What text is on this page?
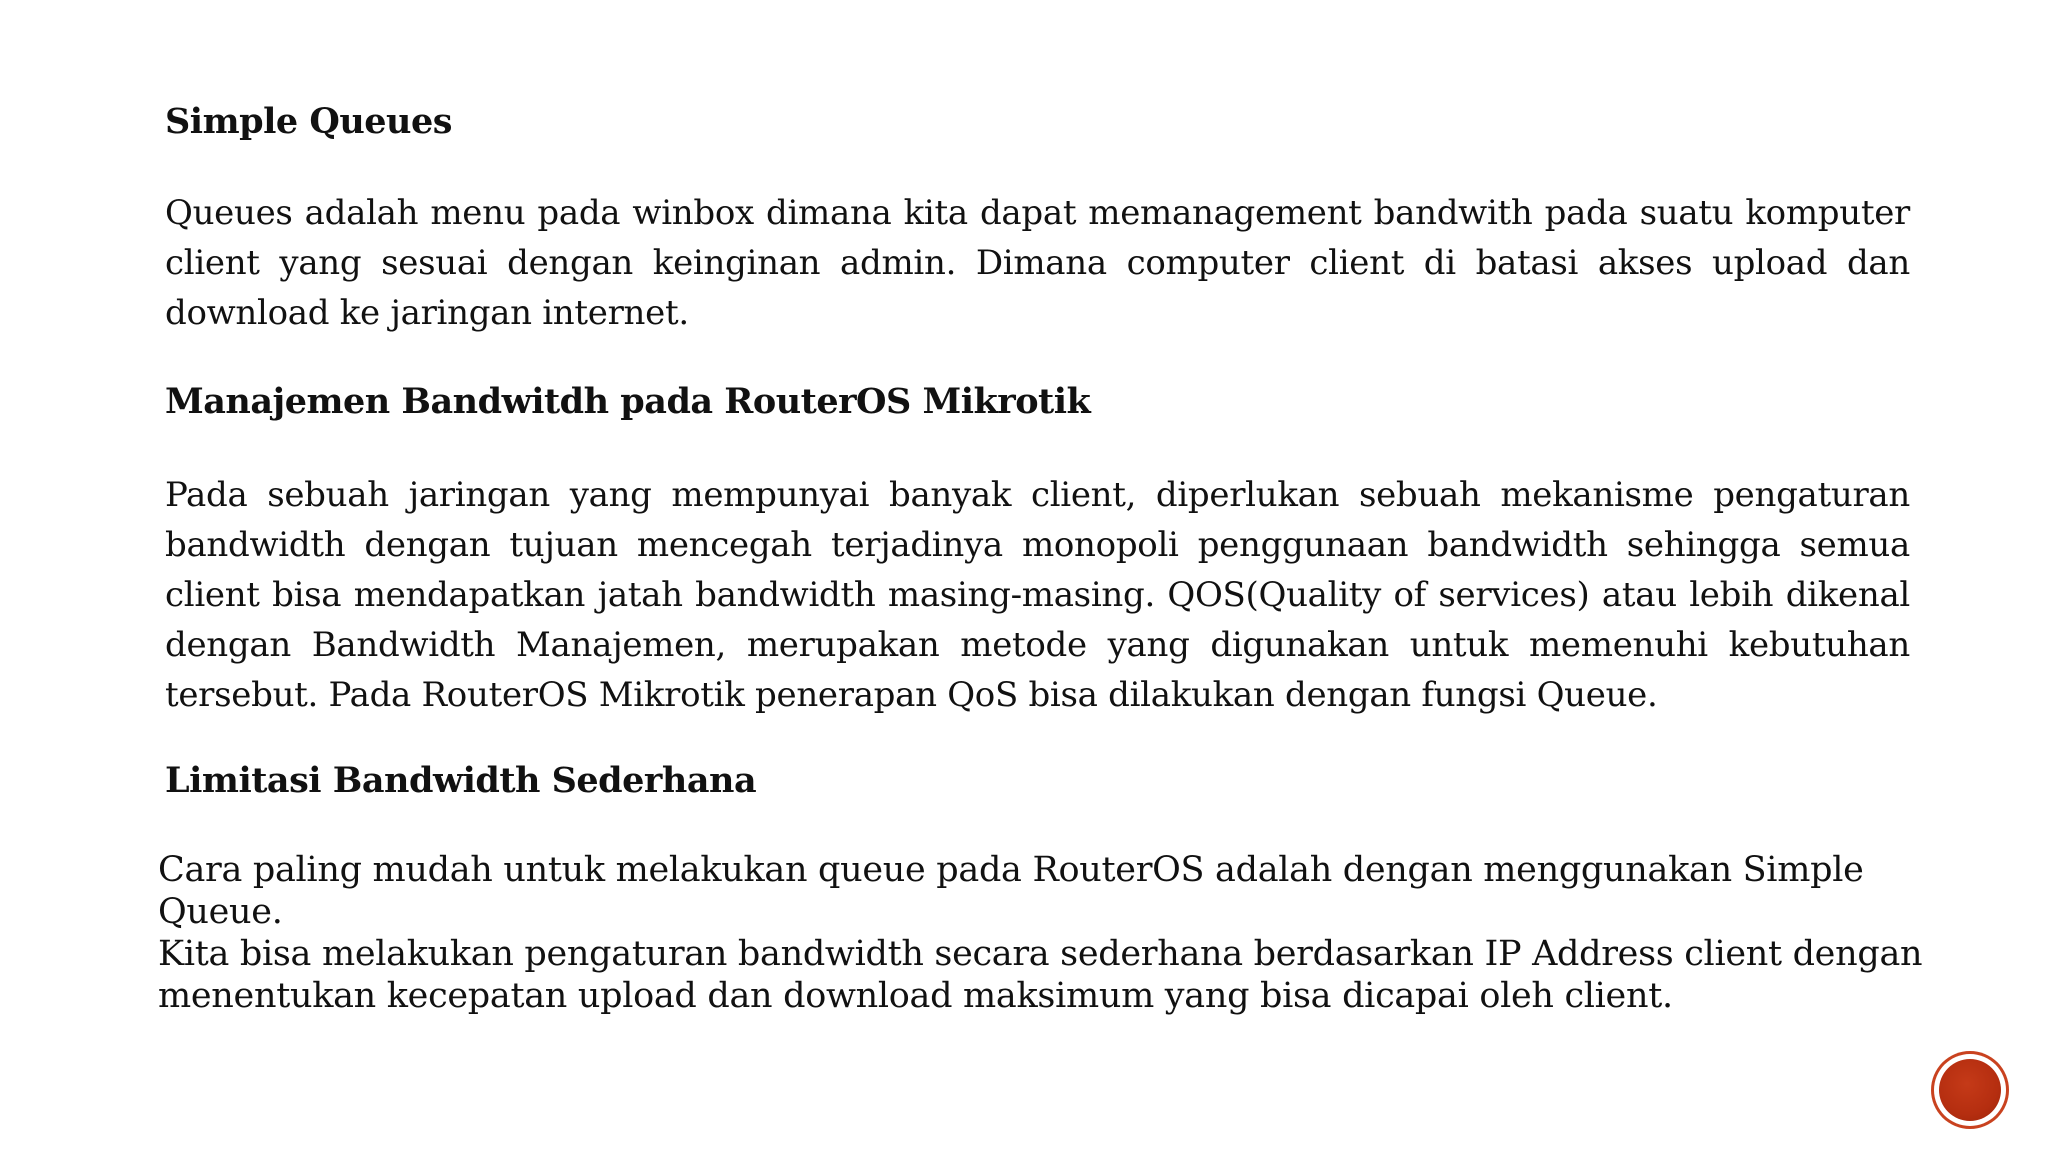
Simple Queues

Queues adalah menu pada winbox dimana kita dapat memanagement bandwith pada suatu komputer client yang sesuai dengan keinginan admin. Dimana computer client di batasi akses upload dan download ke jaringan internet.

Manajemen Bandwitdh pada RouterOS Mikrotik

Pada sebuah jaringan yang mempunyai banyak client, diperlukan sebuah mekanisme pengaturan bandwidth dengan tujuan mencegah terjadinya monopoli penggunaan bandwidth sehingga semua client bisa mendapatkan jatah bandwidth masing-masing. QOS(Quality of services) atau lebih dikenal dengan Bandwidth Manajemen, merupakan metode yang digunakan untuk memenuhi kebutuhan tersebut. Pada RouterOS Mikrotik penerapan QoS bisa dilakukan dengan fungsi Queue.

Limitasi Bandwidth Sederhana
Cara paling mudah untuk melakukan queue pada RouterOS adalah dengan menggunakan Simple Queue.
Kita bisa melakukan pengaturan bandwidth secara sederhana berdasarkan IP Address client dengan
menentukan kecepatan upload dan download maksimum yang bisa dicapai oleh client.
